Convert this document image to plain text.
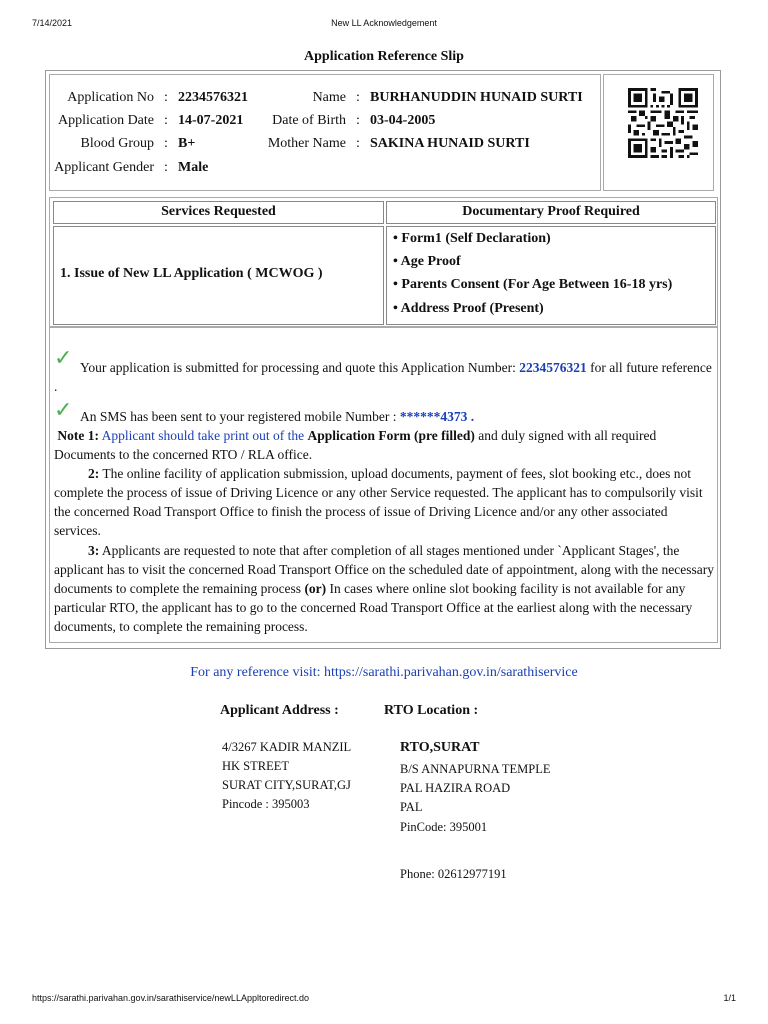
7/14/2021	New LL Acknowledgement
Application Reference Slip
Application No : 2234576321	Name : BURHANUDDIN HUNAID SURTI
Application Date : 14-07-2021	Date of Birth : 03-04-2005
Blood Group : B+	Mother Name : SAKINA HUNAID SURTI
Applicant Gender : Male
Services Requested	Documentary Proof Required
1. Issue of New LL Application ( MCWOG )
• Form1 (Self Declaration)
• Age Proof
• Parents Consent (For Age Between 16-18 yrs)
• Address Proof (Present)
✓ Your application is submitted for processing and quote this Application Number: 2234576321 for all future reference .
✓ An SMS has been sent to your registered mobile Number : ******4373 .
Note 1: Applicant should take print out of the Application Form (pre filled) and duly signed with all required Documents to the concerned RTO / RLA office.
2: The online facility of application submission, upload documents, payment of fees, slot booking etc., does not complete the process of issue of Driving Licence or any other Service requested. The applicant has to compulsorily visit the concerned Road Transport Office to finish the process of issue of Driving Licence and/or any other associated services.
3: Applicants are requested to note that after completion of all stages mentioned under `Applicant Stages', the applicant has to visit the concerned Road Transport Office on the scheduled date of appointment, along with the necessary documents to complete the remaining process (or) In cases where online slot booking facility is not available for any particular RTO, the applicant has to go to the concerned Road Transport Office at the earliest along with the necessary documents, to complete the remaining process.
For any reference visit: https://sarathi.parivahan.gov.in/sarathiservice
Applicant Address :	RTO Location :
4/3267 KADIR MANZIL
HK STREET
SURAT CITY,SURAT,GJ
Pincode : 395003
RTO,SURAT
B/S ANNAPURNA TEMPLE
PAL HAZIRA ROAD
PAL
PinCode: 395001
Phone: 02612977191
https://sarathi.parivahan.gov.in/sarathiservice/newLLAppltoredirect.do	1/1
